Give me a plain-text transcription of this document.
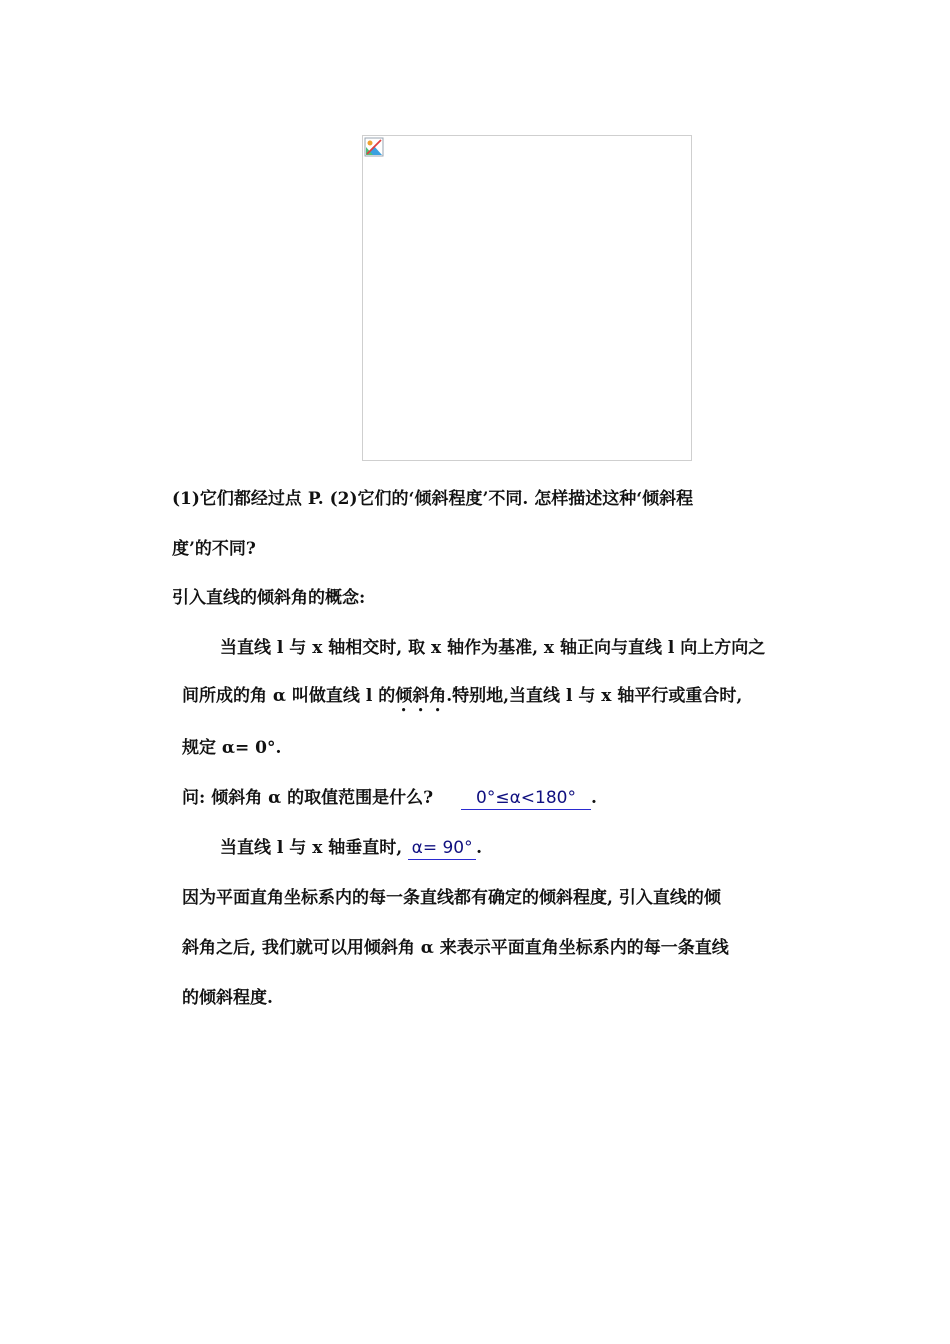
(1)它们都经过点 P. (2)它们的‘倾斜程度’不同. 怎样描述这种‘倾斜程
度’的不同?
引入直线的倾斜角的概念:
当直线 l 与 x 轴相交时, 取 x 轴作为基准, x 轴正向与直线 l 向上方向之
间所成的角 α 叫做直线 l 的倾斜角.特别地,当直线 l 与 x 轴平行或重合时,
规定 α= 0°.
问: 倾斜角 α 的取值范围是什么?	0°≤α<180° .
当直线 l 与 x 轴垂直时, α= 90° .
因为平面直角坐标系内的每一条直线都有确定的倾斜程度, 引入直线的倾
斜角之后, 我们就可以用倾斜角 α 来表示平面直角坐标系内的每一条直线
的倾斜程度.
